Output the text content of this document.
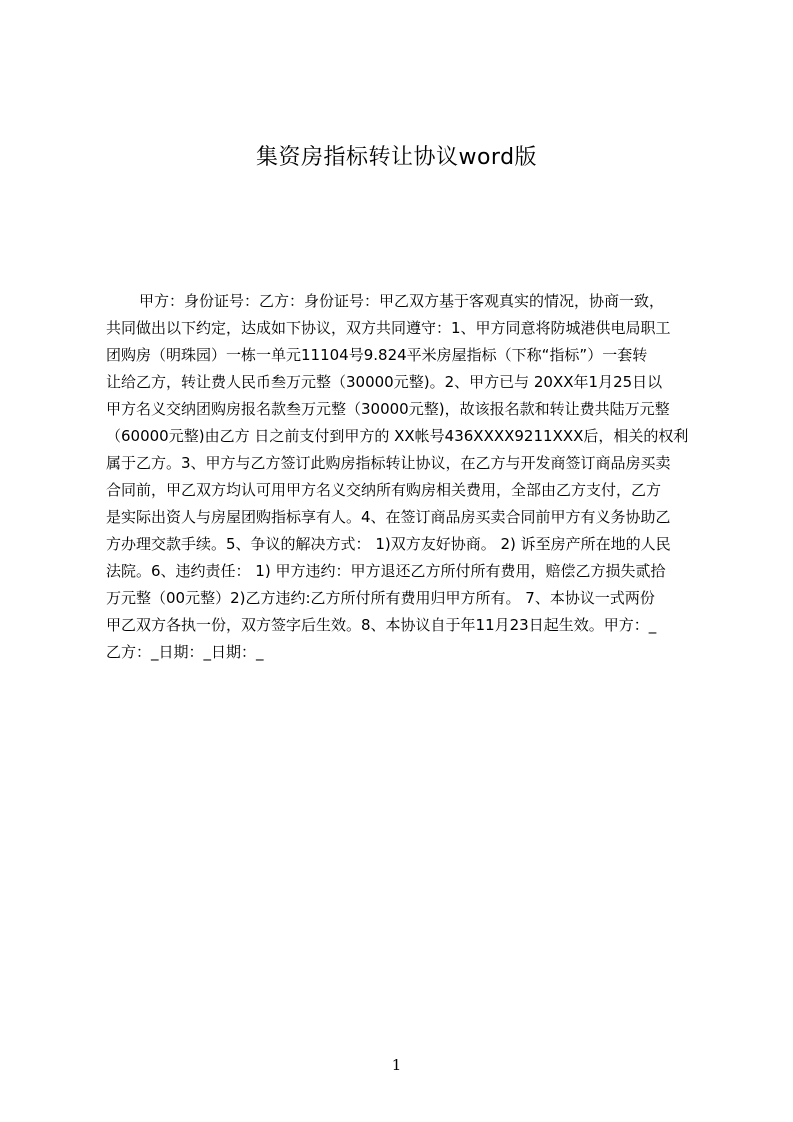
集资房指标转让协议word版
甲方：身份证号：乙方：身份证号：甲乙双方基于客观真实的情况，协商一致，
共同做出以下约定，达成如下协议，双方共同遵守：1、甲方同意将防城港供电局职工
团购房（明珠园）一栋一单元11104号9.824平米房屋指标（下称“指标”）一套转
让给乙方，转让费人民币叁万元整（30000元整)。2、甲方已与 20XX年1月25日以
甲方名义交纳团购房报名款叁万元整（30000元整)，故该报名款和转让费共陆万元整
（60000元整)由乙方 日之前支付到甲方的 XX帐号436XXXX9211XXX后，相关的权利
属于乙方。3、甲方与乙方签订此购房指标转让协议，在乙方与开发商签订商品房买卖
合同前，甲乙双方均认可用甲方名义交纳所有购房相关费用，全部由乙方支付，乙方
是实际出资人与房屋团购指标享有人。4、在签订商品房买卖合同前甲方有义务协助乙
方办理交款手续。5、争议的解决方式： 1)双方友好协商。 2) 诉至房产所在地的人民
法院。6、违约责任： 1) 甲方违约：甲方退还乙方所付所有费用，赔偿乙方损失贰拾
万元整（00元整）2)乙方违约:乙方所付所有费用归甲方所有。 7、本协议一式两份
甲乙双方各执一份，双方签字后生效。8、本协议自于年11月23日起生效。甲方：_
乙方：_日期：_日期：_
1
